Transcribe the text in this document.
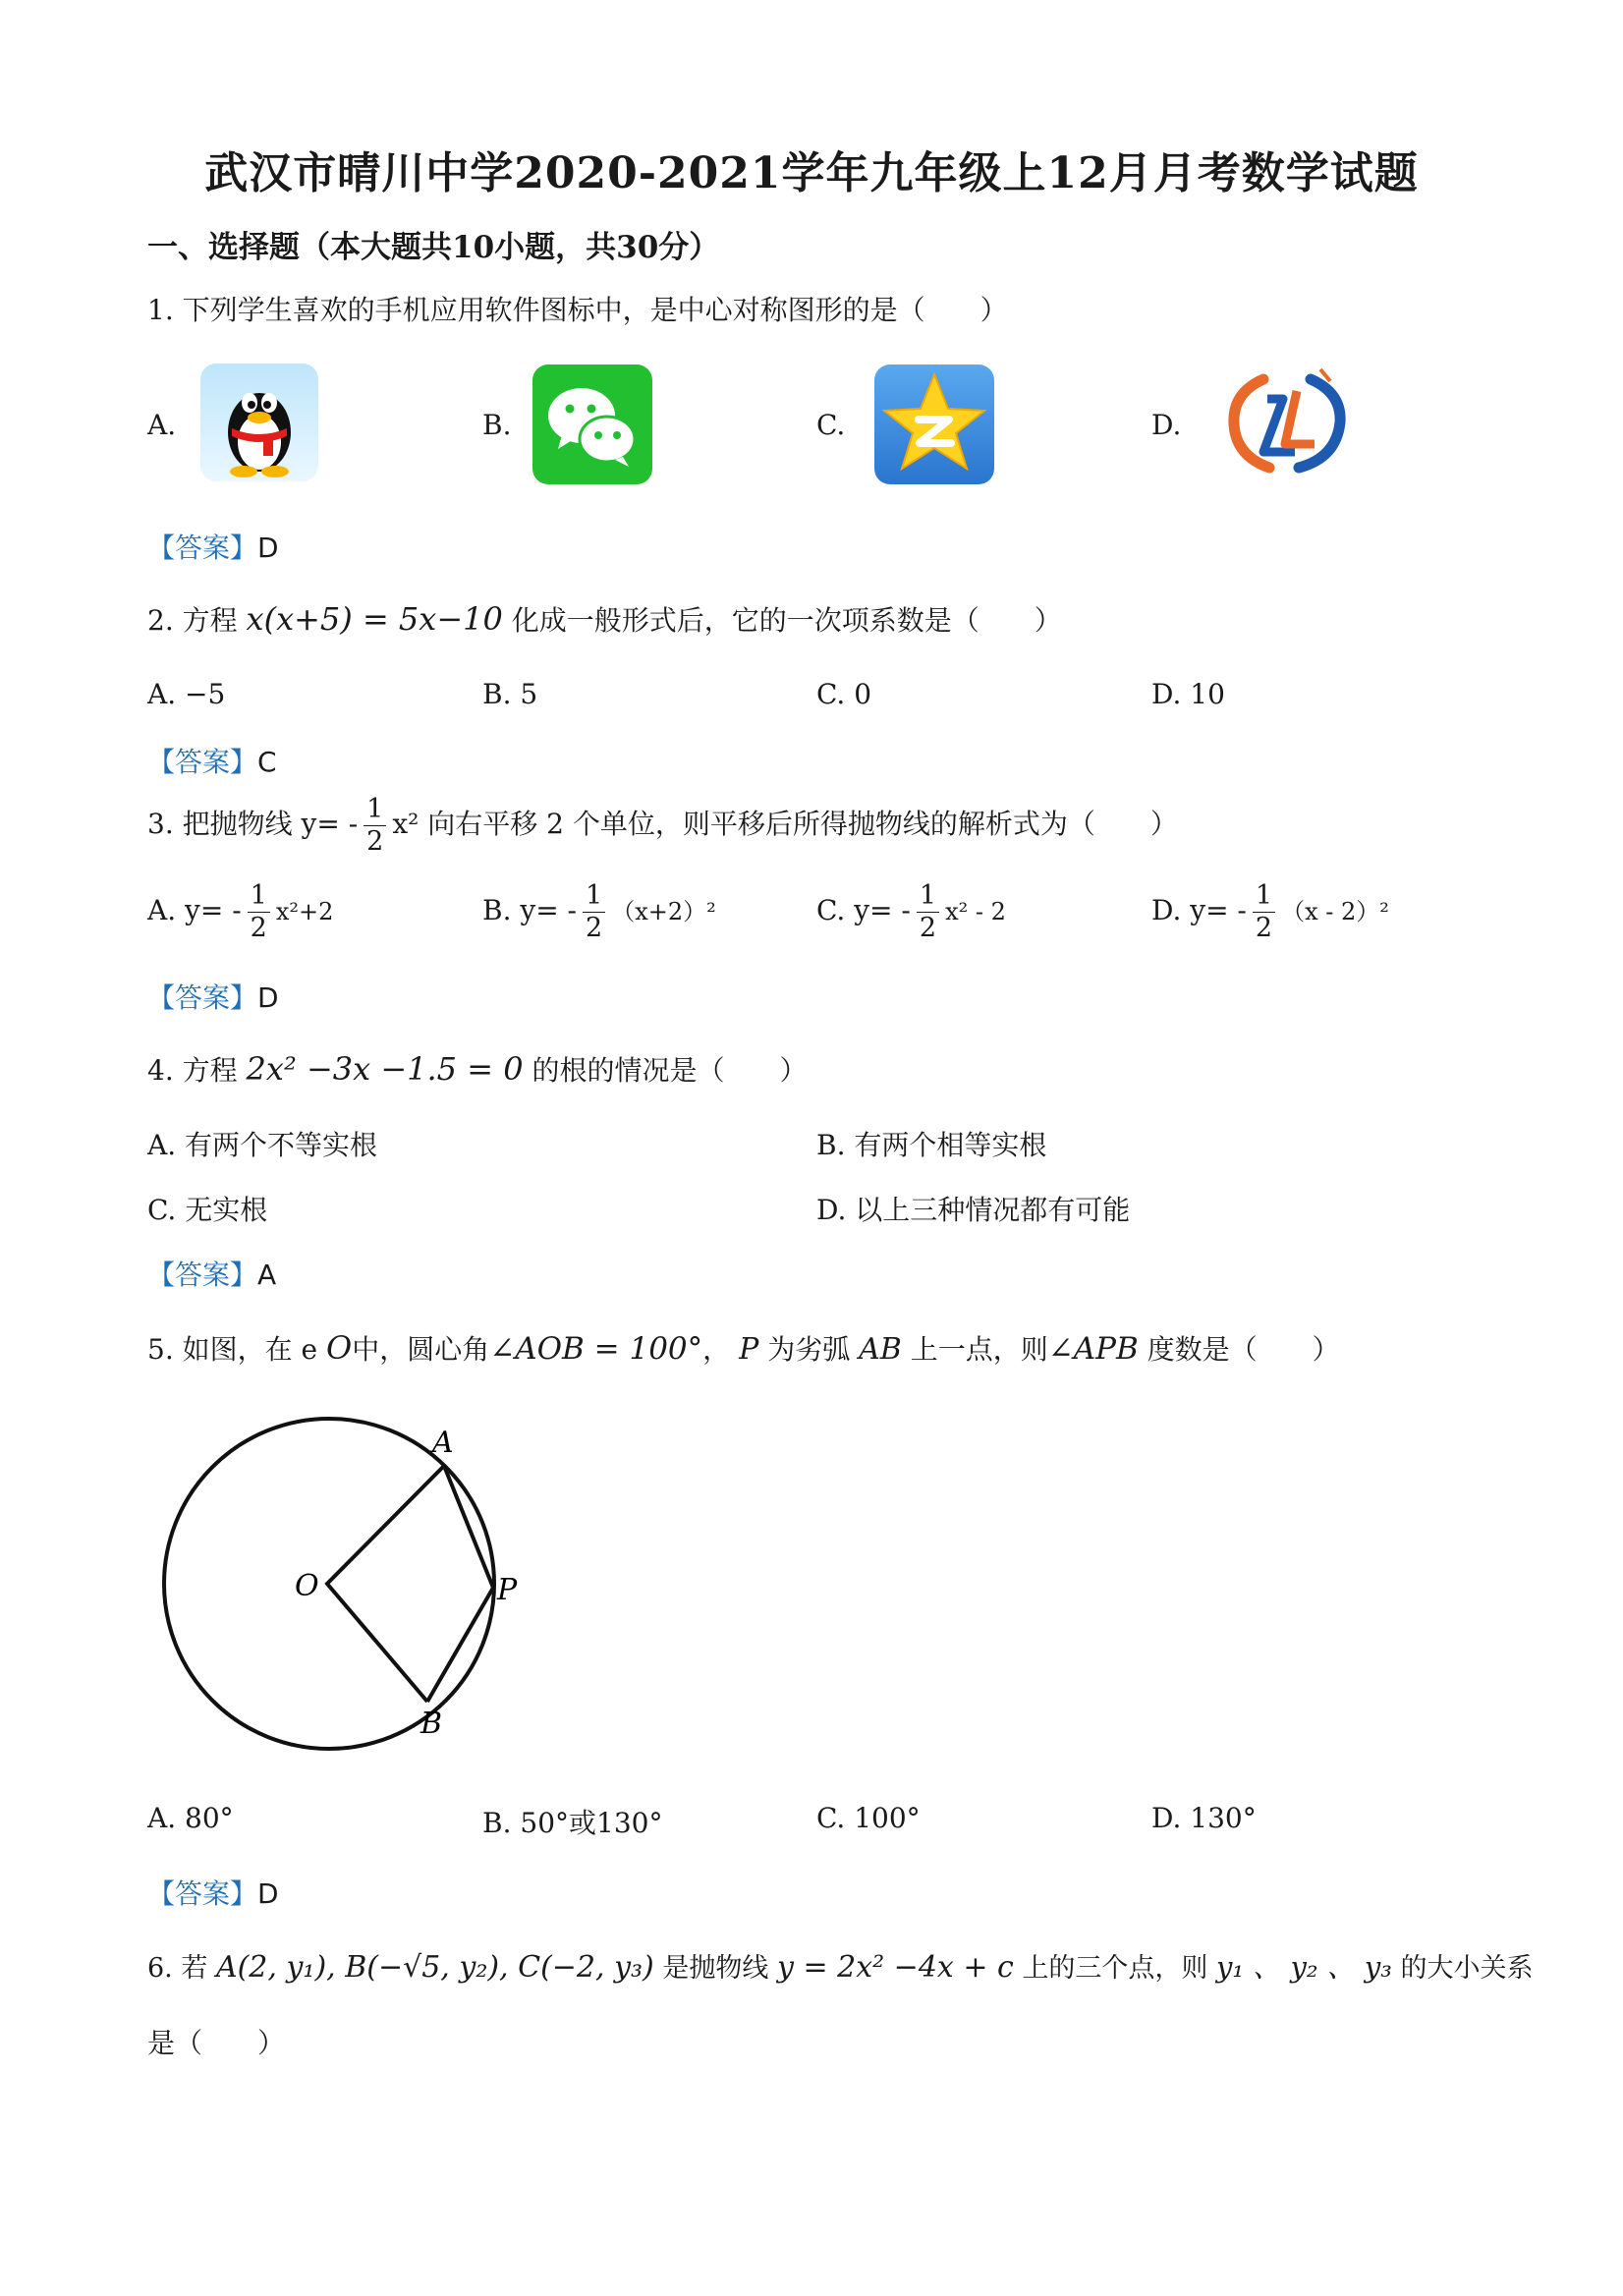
武汉市晴川中学2020-2021学年九年级上12月月考数学试题
一、选择题（本大题共10小题，共30分）
1. 下列学生喜欢的手机应用软件图标中，是中心对称图形的是（　　）
A.	B.	C.	D.
【答案】D
2. 方程 x(x+5) = 5x−10 化成一般形式后，它的一次项系数是（　　）
A. −5	B. 5	C. 0	D. 10
【答案】C
3. 把抛物线 $y= - \frac{1}{2} x^2$ 向右平移 2 个单位，则平移后所得抛物线的解析式为（　　）
A. $y= - \frac{1}{2} x^2+2$	B. $y= - \frac{1}{2} (x+2)^2$	C. $y= - \frac{1}{2} x^2 - 2$	D. $y= - \frac{1}{2} (x - 2)^2$
【答案】D
4. 方程 2x² −3x −1.5 = 0 的根的情况是（　　）
A. 有两个不等实根	B. 有两个相等实根
C. 无实根	D. 以上三种情况都有可能
【答案】A
5. 如图，在 e O中，圆心角∠AOB = 100°， P 为劣弧 AB 上一点，则∠APB 度数是（　　）
A
O	P
B
A. 80°	B. 50°或130°	C. 100°	D. 130°
【答案】D
6. 若 A(2, y₁), B(−√5, y₂), C(−2, y₃) 是抛物线 y = 2x² −4x + c 上的三个点，则 y₁ 、 y₂ 、 y₃ 的大小关系
是（　　）
